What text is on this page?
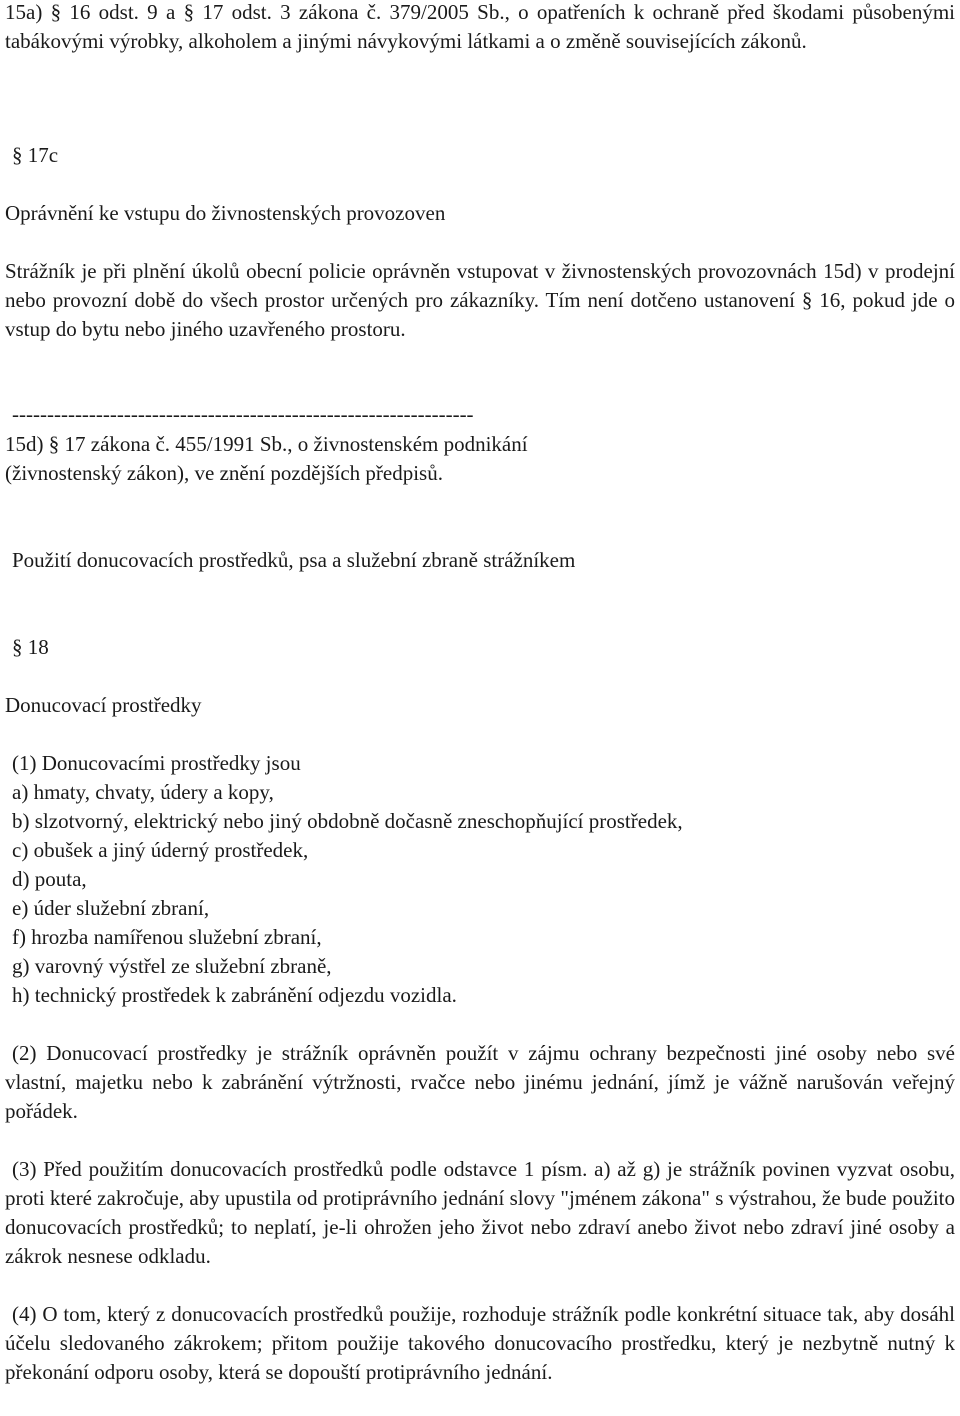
15a) § 16 odst. 9 a § 17 odst. 3 zákona č. 379/2005 Sb., o opatřeních k ochraně před škodami působenými tabákovými výrobky, alkoholem a jinými návykovými látkami a o změně souvisejících zákonů.

§ 17c

Oprávnění ke vstupu do živnostenských provozoven

Strážník je při plnění úkolů obecní policie oprávněn vstupovat v živnostenských provozovnách 15d) v prodejní nebo provozní době do všech prostor určených pro zákazníky. Tím není dotčeno ustanovení § 16, pokud jde o vstup do bytu nebo jiného uzavřeného prostoru.

------------------------------------------------------------------

15d) § 17 zákona č. 455/1991 Sb., o živnostenském podnikání

(živnostenský zákon), ve znění pozdějších předpisů.

Použití donucovacích prostředků, psa a služební zbraně strážníkem

§ 18

Donucovací prostředky

(1) Donucovacími prostředky jsou
a) hmaty, chvaty, údery a kopy,
b) slzotvorný, elektrický nebo jiný obdobně dočasně zneschopňující prostředek,
c) obušek a jiný úderný prostředek,
d) pouta,
e) úder služební zbraní,
f) hrozba namířenou služební zbraní,
g) varovný výstřel ze služební zbraně,
h) technický prostředek k zabránění odjezdu vozidla.

(2) Donucovací prostředky je strážník oprávněn použít v zájmu ochrany bezpečnosti jiné osoby nebo své vlastní, majetku nebo k zabránění výtržnosti, rvačce nebo jinému jednání, jímž je vážně narušován veřejný pořádek.

(3) Před použitím donucovacích prostředků podle odstavce 1 písm. a) až g) je strážník povinen vyzvat osobu, proti které zakročuje, aby upustila od protiprávního jednání slovy "jménem zákona" s výstrahou, že bude použito donucovacích prostředků; to neplatí, je-li ohrožen jeho život nebo zdraví anebo život nebo zdraví jiné osoby a zákrok nesnese odkladu.

(4) O tom, který z donucovacích prostředků použije, rozhoduje strážník podle konkrétní situace tak, aby dosáhl účelu sledovaného zákrokem; přitom použije takového donucovacího prostředku, který je nezbytně nutný k překonání odporu osoby, která se dopouští protiprávního jednání.
